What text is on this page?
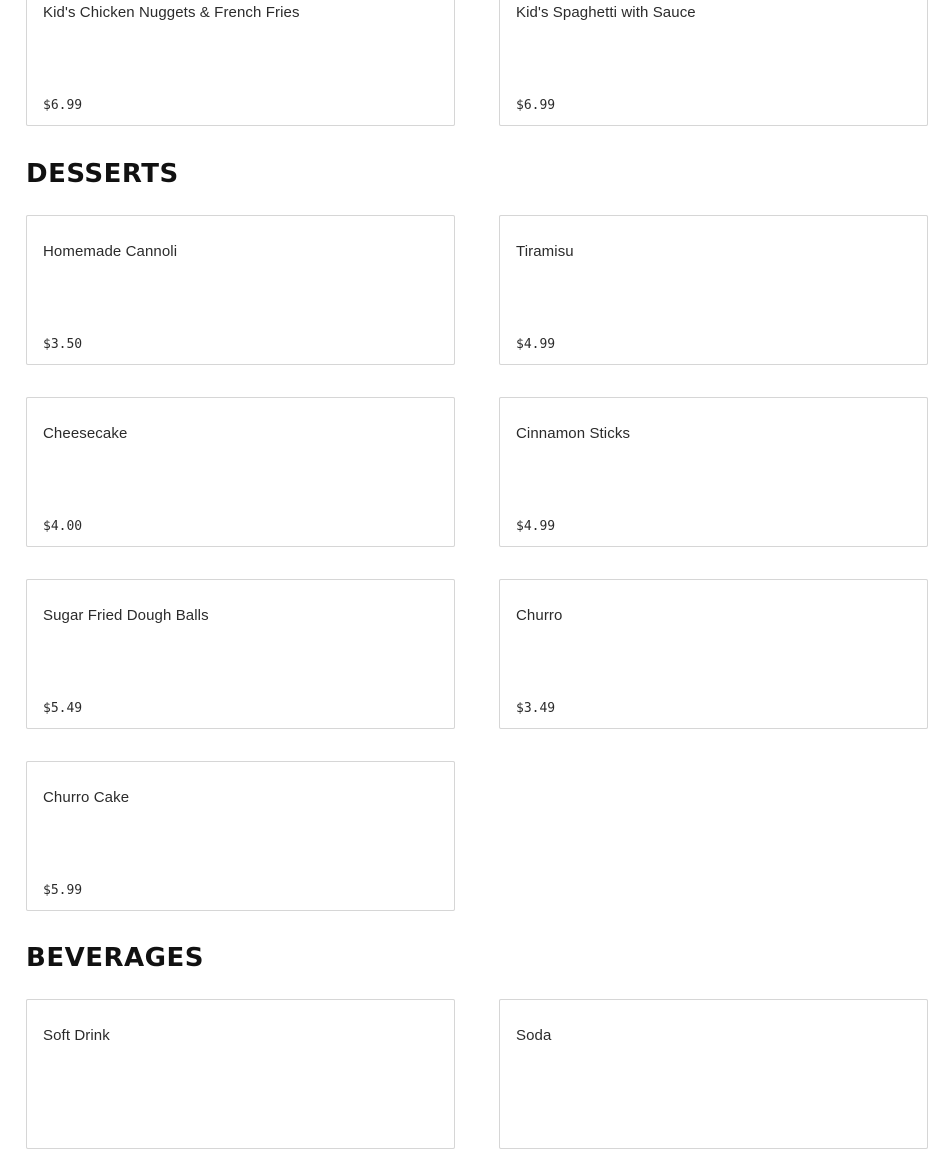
Kid's Chicken Nuggets & French Fries
$6.99
Kid's Spaghetti with Sauce
$6.99
DESSERTS
Homemade Cannoli
$3.50
Tiramisu
$4.99
Cheesecake
$4.00
Cinnamon Sticks
$4.99
Sugar Fried Dough Balls
$5.49
Churro
$3.49
Churro Cake
$5.99
BEVERAGES
Soft Drink	Soda
